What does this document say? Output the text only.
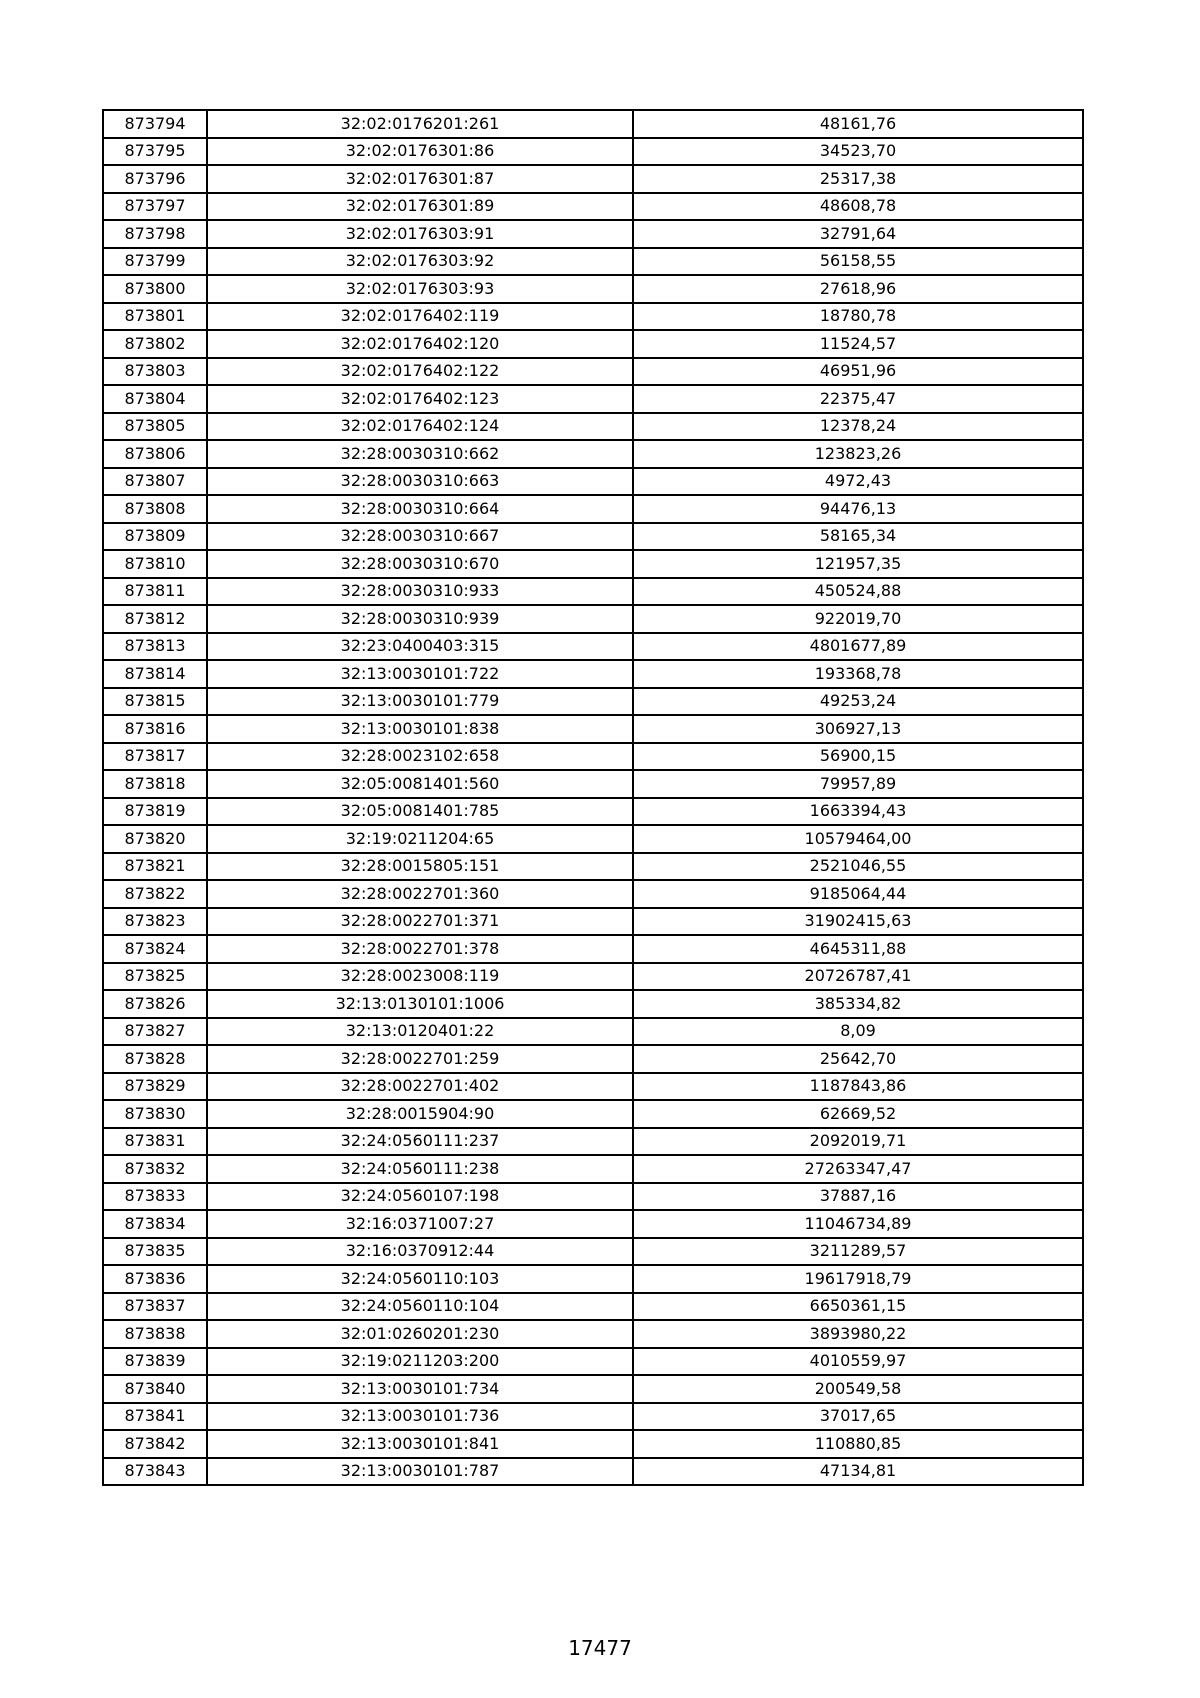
873794	32:02:0176201:261	48161,76
873795	32:02:0176301:86	34523,70
873796	32:02:0176301:87	25317,38
873797	32:02:0176301:89	48608,78
873798	32:02:0176303:91	32791,64
873799	32:02:0176303:92	56158,55
873800	32:02:0176303:93	27618,96
873801	32:02:0176402:119	18780,78
873802	32:02:0176402:120	11524,57
873803	32:02:0176402:122	46951,96
873804	32:02:0176402:123	22375,47
873805	32:02:0176402:124	12378,24
873806	32:28:0030310:662	123823,26
873807	32:28:0030310:663	4972,43
873808	32:28:0030310:664	94476,13
873809	32:28:0030310:667	58165,34
873810	32:28:0030310:670	121957,35
873811	32:28:0030310:933	450524,88
873812	32:28:0030310:939	922019,70
873813	32:23:0400403:315	4801677,89
873814	32:13:0030101:722	193368,78
873815	32:13:0030101:779	49253,24
873816	32:13:0030101:838	306927,13
873817	32:28:0023102:658	56900,15
873818	32:05:0081401:560	79957,89
873819	32:05:0081401:785	1663394,43
873820	32:19:0211204:65	10579464,00
873821	32:28:0015805:151	2521046,55
873822	32:28:0022701:360	9185064,44
873823	32:28:0022701:371	31902415,63
873824	32:28:0022701:378	4645311,88
873825	32:28:0023008:119	20726787,41
873826	32:13:0130101:1006	385334,82
873827	32:13:0120401:22	8,09
873828	32:28:0022701:259	25642,70
873829	32:28:0022701:402	1187843,86
873830	32:28:0015904:90	62669,52
873831	32:24:0560111:237	2092019,71
873832	32:24:0560111:238	27263347,47
873833	32:24:0560107:198	37887,16
873834	32:16:0371007:27	11046734,89
873835	32:16:0370912:44	3211289,57
873836	32:24:0560110:103	19617918,79
873837	32:24:0560110:104	6650361,15
873838	32:01:0260201:230	3893980,22
873839	32:19:0211203:200	4010559,97
873840	32:13:0030101:734	200549,58
873841	32:13:0030101:736	37017,65
873842	32:13:0030101:841	110880,85
873843	32:13:0030101:787	47134,81
17477
